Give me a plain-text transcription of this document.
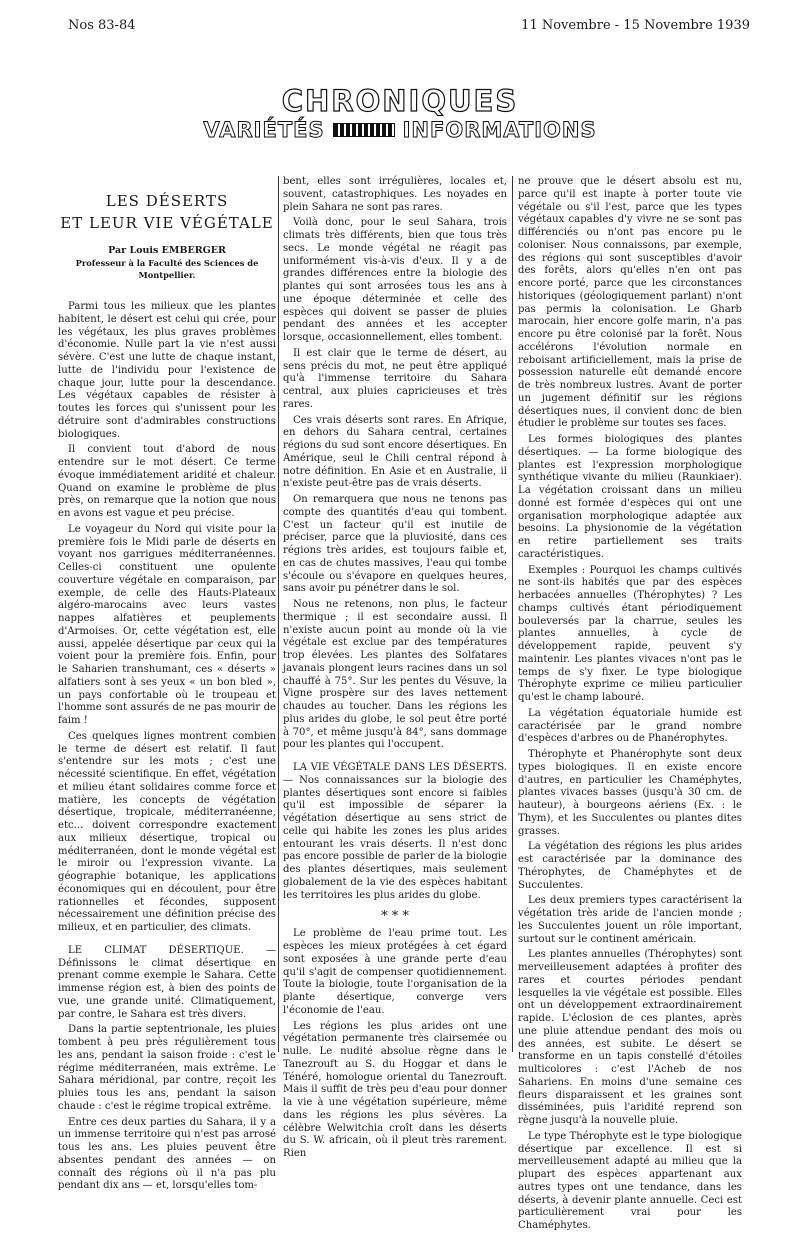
Nos 83-84	11 Novembre - 15 Novembre 1939
CHRONIQUES
VARIÉTÉS	INFORMATIONS
LES DÉSERTS
ET LEUR VIE VÉGÉTALE
Par Louis EMBERGER
Professeur à la Faculté des Sciences de Montpellier.

Parmi tous les milieux que les plantes habitent, le désert est celui qui crée, pour les végétaux, les plus graves problèmes d'économie. Nulle part la vie n'est aussi sévère. C'est une lutte de chaque instant, lutte de l'individu pour l'existence de chaque jour, lutte pour la descendance. Les végétaux capables de résister à toutes les forces qui s'unissent pour les détruire sont d'admirables constructions biologiques.

Il convient tout d'abord de nous entendre sur le mot désert. Ce terme évoque immédiatement aridité et chaleur. Quand on examine le problème de plus près, on remarque que la notion que nous en avons est vague et peu précise.

Le voyageur du Nord qui visite pour la première fois le Midi parle de déserts en voyant nos garrigues méditerranéennes. Celles-ci constituent une opulente couverture végétale en comparaison, par exemple, de celle des Hauts-Plateaux algéro-marocains avec leurs vastes nappes alfatières et peuplements d'Armoises. Or, cette végétation est, elle aussi, appelée désertique par ceux qui la voient pour la première fois. Enfin, pour le Saharien transhumant, ces « déserts » alfatiers sont à ses yeux « un bon bled », un pays confortable où le troupeau et l'homme sont assurés de ne pas mourir de faim !

Ces quelques lignes montrent combien le terme de désert est relatif. Il faut s'entendre sur les mots ; c'est une nécessité scientifique. En effet, végétation et milieu étant solidaires comme force et matière, les concepts de végétation désertique, tropicale, méditerranéenne, etc... doivent correspondre exactement aux milieux désertique, tropical ou méditerranéen, dont le monde végétal est le miroir ou l'expression vivante. La géographie botanique, les applications économiques qui en découlent, pour être rationnelles et fécondes, supposent nécessairement une définition précise des milieux, et en particulier, des climats.

LE CLIMAT DÉSERTIQUE. — Définissons le climat désertique en prenant comme exemple le Sahara. Cette immense région est, à bien des points de vue, une grande unité. Climatiquement, par contre, le Sahara est très divers.

Dans la partie septentrionale, les pluies tombent à peu près régulièrement tous les ans, pendant la saison froide : c'est le régime méditerranéen, mais extrême. Le Sahara méridional, par contre, reçoit les pluies tous les ans, pendant la saison chaude : c'est le régime tropical extrême.

Entre ces deux parties du Sahara, il y a un immense territoire qui n'est pas arrosé tous les ans. Les pluies peuvent être absentes pendant des années — on connaît des régions où il n'a pas plu pendant dix ans — et, lorsqu'elles tom-

bent, elles sont irrégulières, locales et, souvent, catastrophiques. Les noyades en plein Sahara ne sont pas rares.

Voilà donc, pour le seul Sahara, trois climats très différents, bien que tous très secs. Le monde végétal ne réagit pas uniformément vis-à-vis d'eux. Il y a de grandes différences entre la biologie des plantes qui sont arrosées tous les ans à une époque déterminée et celle des espèces qui doivent se passer de pluies pendant des années et les accepter lorsque, occasionnellement, elles tombent.

Il est clair que le terme de désert, au sens précis du mot, ne peut être appliqué qu'à l'immense territoire du Sahara central, aux pluies capricieuses et très rares.

Ces vrais déserts sont rares. En Afrique, en dehors du Sahara central, certaines régions du sud sont encore désertiques. En Amérique, seul le Chili central répond à notre définition. En Asie et en Australie, il n'existe peut-être pas de vrais déserts.

On remarquera que nous ne tenons pas compte des quantités d'eau qui tombent. C'est un facteur qu'il est inutile de préciser, parce que la pluviosité, dans ces régions très arides, est toujours faible et, en cas de chutes massives, l'eau qui tombe s'écoule ou s'évapore en quelques heures, sans avoir pu pénétrer dans le sol.

Nous ne retenons, non plus, le facteur thermique ; il est secondaire aussi. Il n'existe aucun point au monde où la vie végétale est exclue par des températures trop élevées. Les plantes des Solfatares javanais plongent leurs racines dans un sol chauffé à 75°. Sur les pentes du Vésuve, la Vigne prospère sur des laves nettement chaudes au toucher. Dans les régions les plus arides du globe, le sol peut être porté à 70°, et même jusqu'à 84°, sans dommage pour les plantes qui l'occupent.

LA VIE VÉGÉTALE DANS LES DÉSERTS. — Nos connaissances sur la biologie des plantes désertiques sont encore si faibles qu'il est impossible de séparer la végétation désertique au sens strict de celle qui habite les zones les plus arides entourant les vrais déserts. Il n'est donc pas encore possible de parler de la biologie des plantes désertiques, mais seulement globalement de la vie des espèces habitant les territoires les plus arides du globe.

* * *

Le problème de l'eau prime tout. Les espèces les mieux protégées à cet égard sont exposées à une grande perte d'eau qu'il s'agit de compenser quotidiennement. Toute la biologie, toute l'organisation de la plante désertique, converge vers l'économie de l'eau.

Les régions les plus arides ont une végétation permanente très clairsemée ou nulle. Le nudité absolue règne dans le Tanezrouft au S. du Hoggar et dans le Ténéré, homologue oriental du Tanezrouft. Mais il suffit de très peu d'eau pour donner la vie à une végétation supérieure, même dans les régions les plus sévères. La célèbre Welwitchia croît dans les déserts du S. W. africain, où il pleut très rarement. Rien

ne prouve que le désert absolu est nu, parce qu'il est inapte à porter toute vie végétale ou s'il l'est, parce que les types végétaux capables d'y vivre ne se sont pas différenciés ou n'ont pas encore pu le coloniser. Nous connaissons, par exemple, des régions qui sont susceptibles d'avoir des forêts, alors qu'elles n'en ont pas encore porté, parce que les circonstances historiques (géologiquement parlant) n'ont pas permis la colonisation. Le Gharb marocain, hier encore golfe marin, n'a pas encore pu être colonisé par la forêt. Nous accélérons l'évolution normale en reboisant artificiellement, mais la prise de possession naturelle eût demandé encore de très nombreux lustres. Avant de porter un jugement définitif sur les régions désertiques nues, il convient donc de bien étudier le problème sur toutes ses faces.

Les formes biologiques des plantes désertiques. — La forme biologique des plantes est l'expression morphologique synthétique vivante du milieu (Raunkiaer). La végétation croissant dans un milieu donné est formée d'espèces qui ont une organisation morphologique adaptée aux besoins. La physionomie de la végétation en retire partiellement ses traits caractéristiques.

Exemples : Pourquoi les champs cultivés ne sont-ils habités que par des espèces herbacées annuelles (Thérophytes) ? Les champs cultivés étant périodiquement bouleversés par la charrue, seules les plantes annuelles, à cycle de développement rapide, peuvent s'y maintenir. Les plantes vivaces n'ont pas le temps de s'y fixer. Le type biologique Thérophyte exprime ce milieu particulier qu'est le champ labouré.

La végétation équatoriale humide est caractérisée par le grand nombre d'espèces d'arbres ou de Phanérophytes.

Thérophyte et Phanérophyte sont deux types biologiques. Il en existe encore d'autres, en particulier les Chaméphytes, plantes vivaces basses (jusqu'à 30 cm. de hauteur), à bourgeons aériens (Ex. : le Thym), et les Succulentes ou plantes dites grasses.

La végétation des régions les plus arides est caractérisée par la dominance des Thérophytes, de Chaméphytes et de Succulentes.

Les deux premiers types caractérisent la végétation très aride de l'ancien monde ; les Succulentes jouent un rôle important, surtout sur le continent américain.

Les plantes annuelles (Thérophytes) sont merveilleusement adaptées à profiter des rares et courtes périodes pendant lesquelles la vie végétale est possible. Elles ont un développement extraordinairement rapide. L'éclosion de ces plantes, après une pluie attendue pendant des mois ou des années, est subite. Le désert se transforme en un tapis constellé d'étoiles multicolores : c'est l'Acheb de nos Sahariens. En moins d'une semaine ces fleurs disparaissent et les graines sont disséminées, puis l'aridité reprend son règne jusqu'à la nouvelle pluie.

Le type Thérophyte est le type biologique désertique par excellence. Il est si merveilleusement adapté au milieu que la plupart des espèces appartenant aux autres types ont une tendance, dans les déserts, à devenir plante annuelle. Ceci est particulièrement vrai pour les Chaméphytes.
